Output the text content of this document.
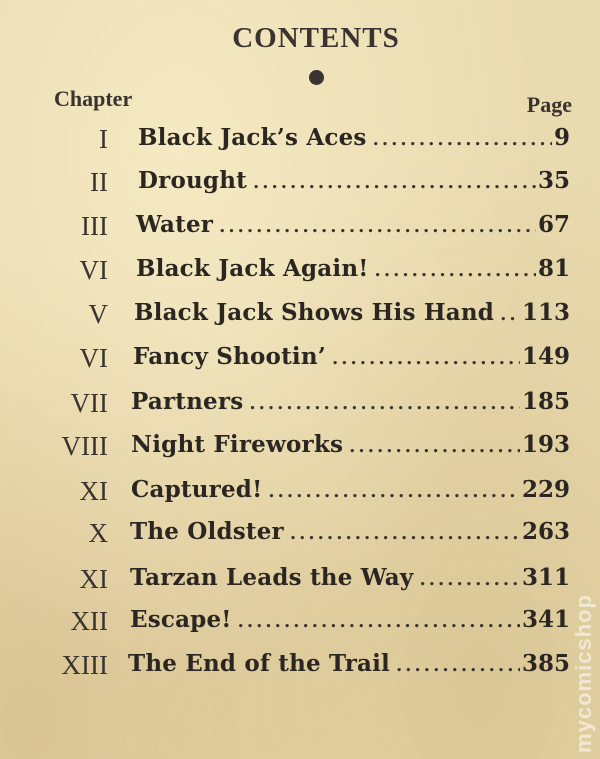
CONTENTS
Chapter	Page
I Black Jack’s Aces .....	9
II Drought .....	35
III Water .....	67
VI Black Jack Again! .....	81
V Black Jack Shows His Hand ..... 113
VI Fancy Shootin’ .....	149
VII Partners .....	185
VIII Night Fireworks .....	193
XI Captured! .....	229
X The Oldster .....	263
XI Tarzan Leads the Way .....	311
XII Escape! .....	341
XIII The End of the Trail .....	385 mycomicshop
